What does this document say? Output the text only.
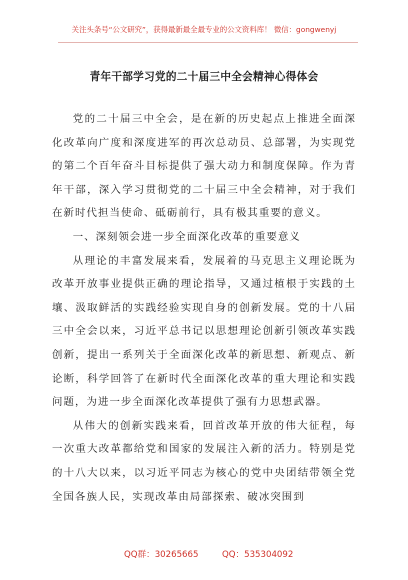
关注头条号“公文研究”，获得最新最全最专业的公文资料库！ 微信：gongwenyj
青年干部学习党的二十届三中全会精神心得体会

党的二十届三中全会，是在新的历史起点上推进全面深化改革向广度和深度进军的再次总动员、总部署，为实现党的第二个百年奋斗目标提供了强大动力和制度保障。作为青年干部，深入学习贯彻党的二十届三中全会精神，对于我们在新时代担当使命、砥砺前行，具有极其重要的意义。

一、深刻领会进一步全面深化改革的重要意义

从理论的丰富发展来看，发展着的马克思主义理论既为改革开放事业提供正确的理论指导，又通过植根于实践的土壤、汲取鲜活的实践经验实现自身的创新发展。党的十八届三中全会以来，习近平总书记以思想理论创新引领改革实践创新，提出一系列关于全面深化改革的新思想、新观点、新论断，科学回答了在新时代全面深化改革的重大理论和实践问题，为进一步全面深化改革提供了强有力思想武器。

从伟大的创新实践来看，回首改革开放的伟大征程，每一次重大改革都给党和国家的发展注入新的活力。特别是党的十八大以来，以习近平同志为核心的党中央团结带领全党全国各族人民，实现改革由局部探索、破冰突围到

QQ群：30265665	QQ：535304092
